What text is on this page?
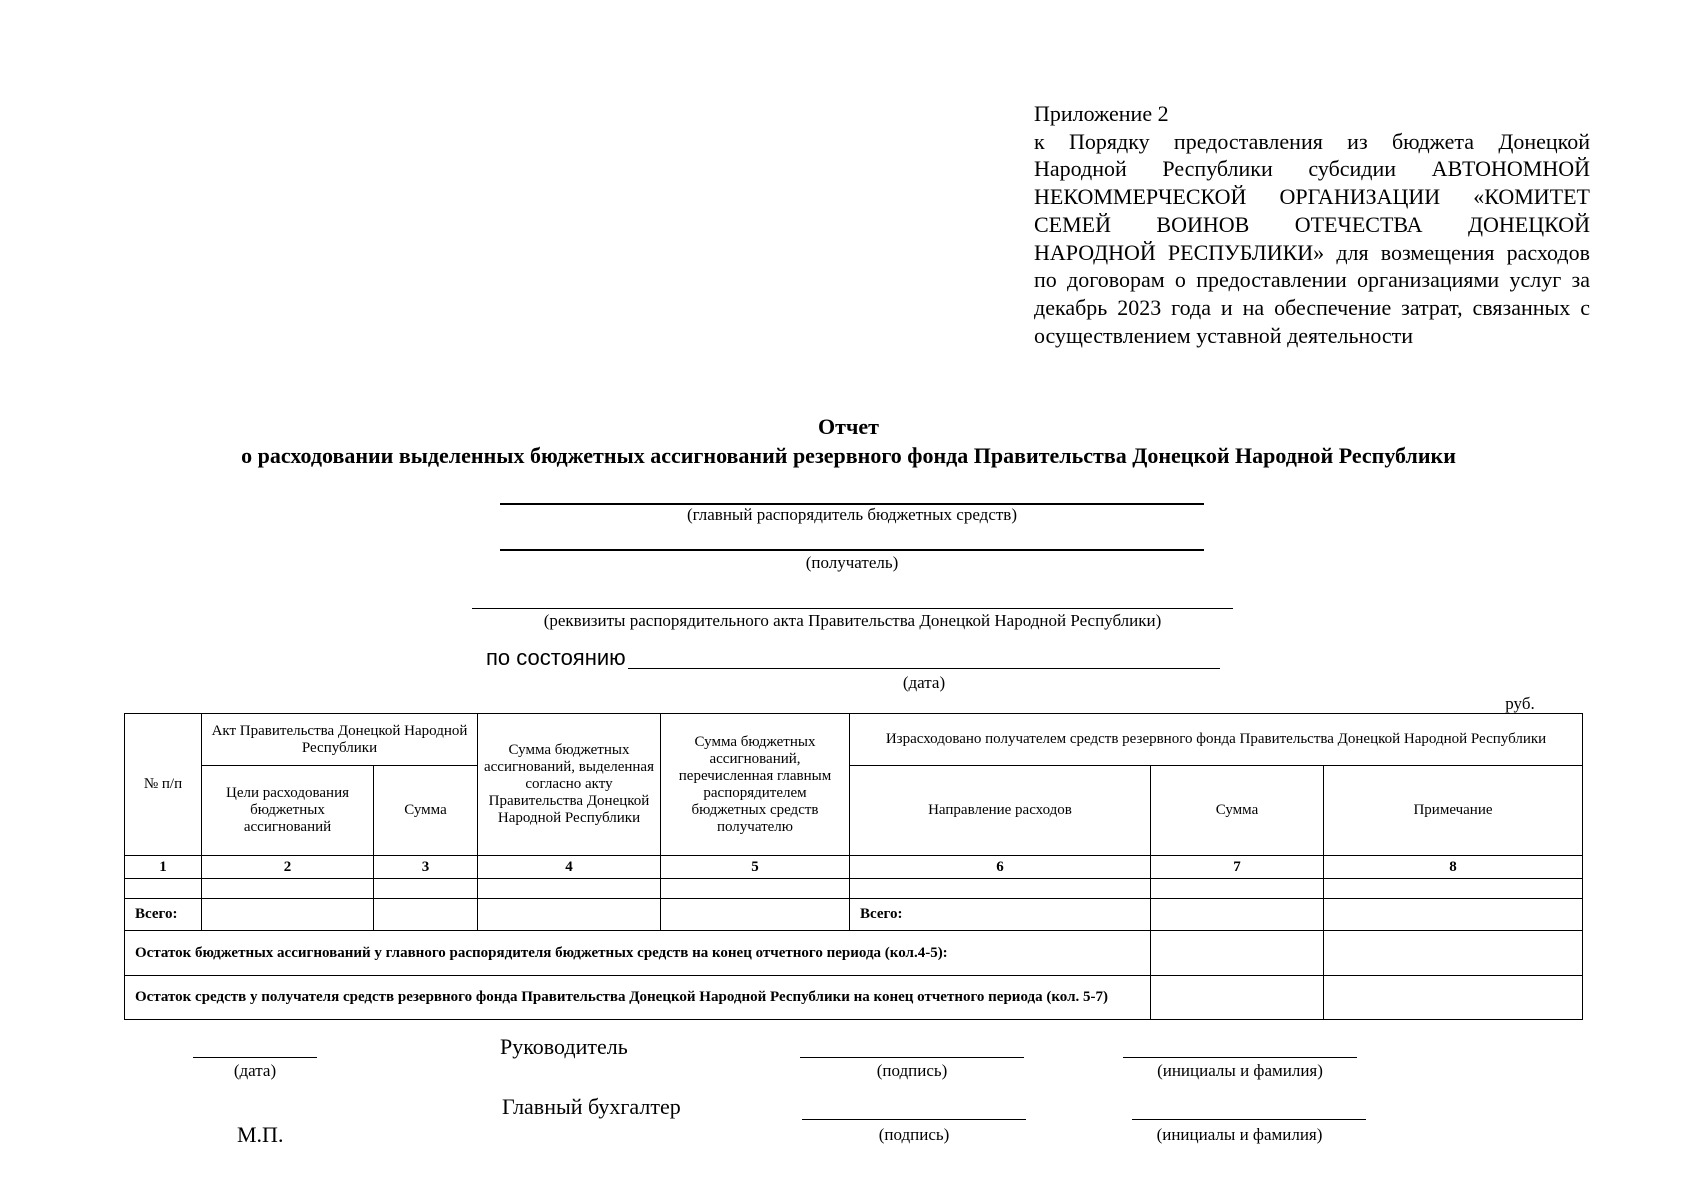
Приложение 2
к Порядку предоставления из бюджета Донецкой Народной Республики субсидии АВТОНОМНОЙ НЕКОММЕРЧЕСКОЙ ОРГАНИЗАЦИИ «КОМИТЕТ СЕМЕЙ ВОИНОВ ОТЕЧЕСТВА ДОНЕЦКОЙ НАРОДНОЙ РЕСПУБЛИКИ» для возмещения расходов по договорам о предоставлении организациями услуг за декабрь 2023 года и на обеспечение затрат, связанных с осуществлением уставной деятельности
Отчет
о расходовании выделенных бюджетных ассигнований резервного фонда Правительства Донецкой Народной Республики
(главный распорядитель бюджетных средств)
(получатель)
(реквизиты распорядительного акта Правительства Донецкой Народной Республики)
по состоянию
(дата)
руб.
№ п/п	Акт Правительства Донецкой Народной Республики		Сумма бюджетных ассигнований, выделенная согласно акту Правительства Донецкой Народной Республики	Сумма бюджетных ассигнований, перечисленная главным распорядителем бюджетных средств получателю	Израсходовано получателем средств резервного фонда Правительства Донецкой Народной Республики		
	Цели расходования бюджетных ассигнований	Сумма			Направление расходов	Сумма	Примечание
1	2	3	4	5	6	7	8

Всего:					Всего:		
Остаток бюджетных ассигнований у главного распорядителя бюджетных средств на конец отчетного периода (кол.4-5):							
Остаток средств у получателя средств резервного фонда Правительства Донецкой Народной Республики на конец отчетного периода (кол. 5-7)							
(дата)
Руководитель
(подпись)	(инициалы и фамилия)
Главный бухгалтер
М.П.	(подпись)	(инициалы и фамилия)
